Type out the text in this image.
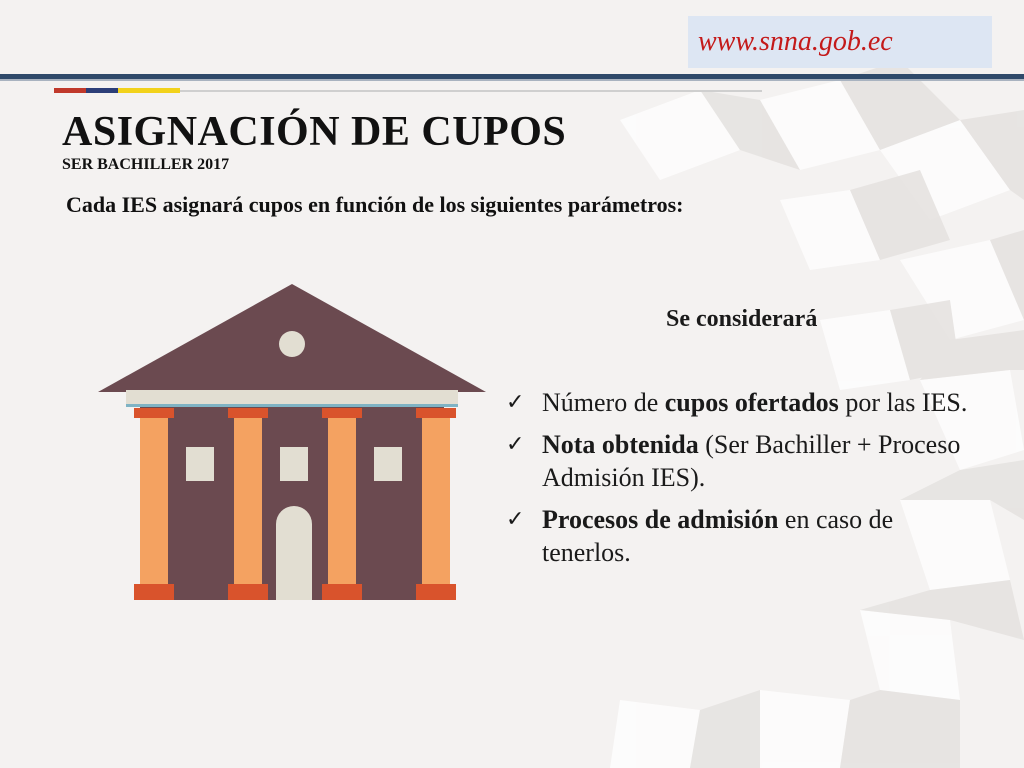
www.snna.gob.ec
ASIGNACIÓN DE CUPOS
SER BACHILLER 2017

Cada IES asignará cupos en función de los siguientes parámetros:

Se considerará
✓ Número de cupos ofertados por las IES.
✓ Nota obtenida (Ser Bachiller + Proceso Admisión IES).
✓ Procesos de admisión en caso de tenerlos.
